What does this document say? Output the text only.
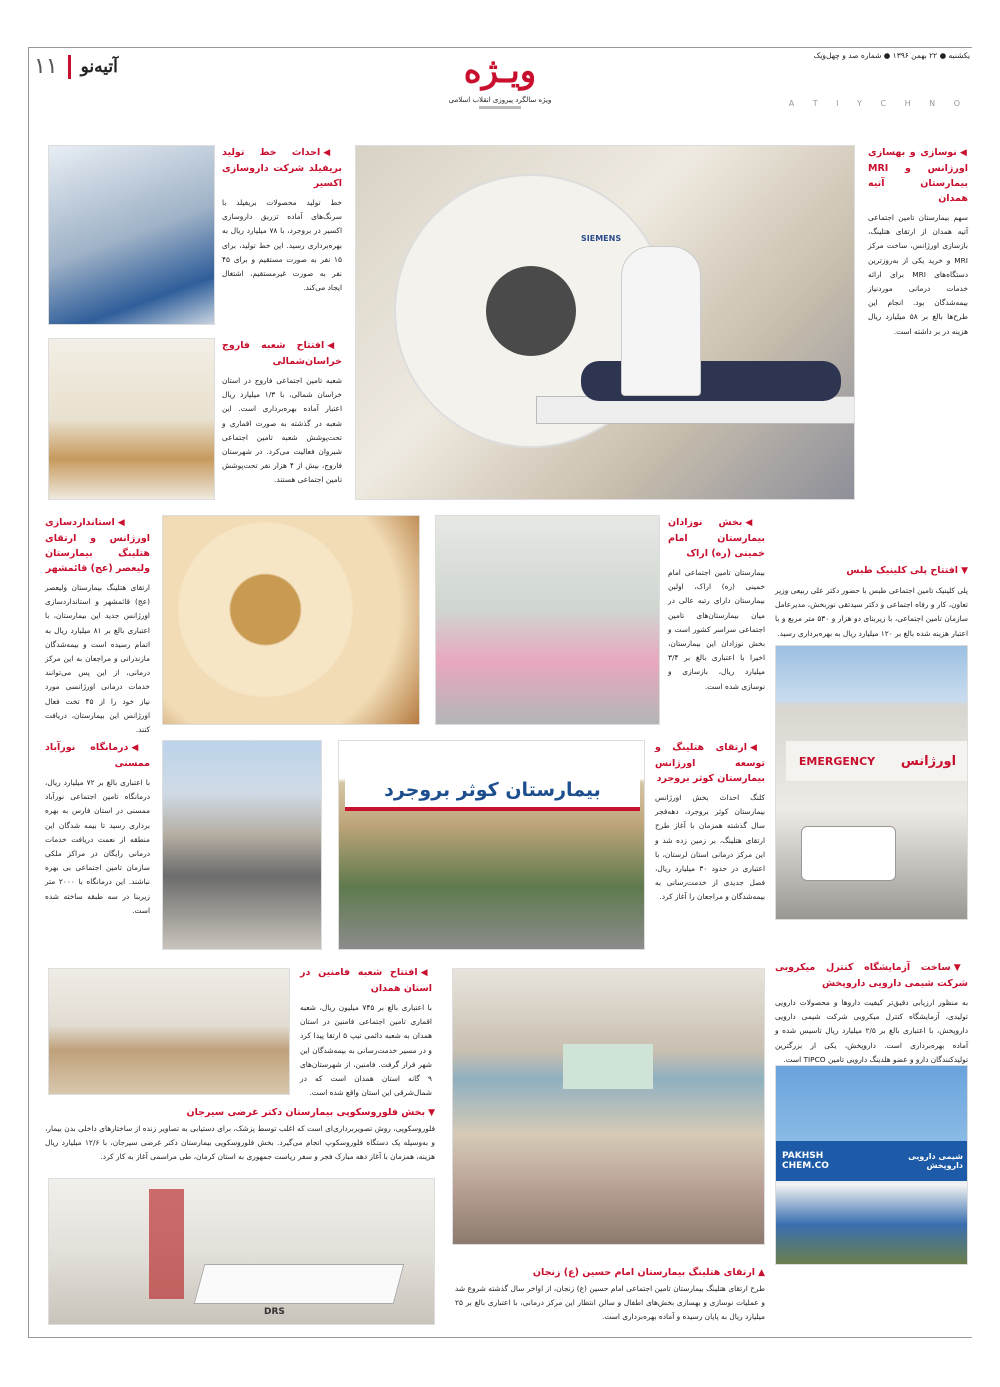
یکشنبه ● ۲۲ بهمن ۱۳۹۶ ● شماره صد و چهل‌ویک
۱۱ آتیه‌نو	ویـژه
ویژه سالگرد پیروزی انقلاب اسلامی	A T I Y C H N O
SIEMENS
EMERGENCY اورژانس
بیمارستان کوثر بروجرد
PAKHSH CHEM.CO
شیمی دارویی داروپخش
DRS
◀نوسازی و بهسازی اورژانس و MRI بیمارستان آتیه همدان
سهم بیمارستان تامین اجتماعی آتیه همدان از ارتقای هتلینگ، بازسازی اورژانس، ساخت مرکز MRI و خرید یکی از به‌روزترین دستگاه‌های MRI برای ارائه خدمات درمانی موردنیاز بیمه‌شدگان بود. انجام این طرح‌ها بالغ بر ۵۸ میلیارد ریال هزینه در بر داشته است.
◀احداث خط تولید بریفیلد شرکت داروسازی اکسیر
خط تولید محصولات بریفیلد با سرنگ‌های آماده تزریق داروسازی اکسیر در بروجرد، با ۷۸ میلیارد ریال به بهره‌برداری رسید. این خط تولید، برای ۱۵ نفر به صورت مستقیم و برای ۴۵ نفر به صورت غیرمستقیم، اشتغال ایجاد می‌کند.
◀افتتاح شعبه فاروج خراسان‌شمالی
شعبه تامین اجتماعی فاروج در استان خراسان شمالی، با ۱/۳ میلیارد ریال اعتبار آماده بهره‌برداری است. این شعبه در گذشته به صورت اقماری و تحت‌پوشش شعبه تامین اجتماعی شیروان فعالیت می‌کرد. در شهرستان فاروج، بیش از ۴ هزار نفر تحت‌پوشش تامین اجتماعی هستند.
◀استانداردسازی اورژانس و ارتقای هتلینگ بیمارستان ولیعصر (عج) قائمشهر
ارتقای هتلینگ بیمارستان ولیعصر (عج) قائمشهر و استانداردسازی اورژانس جدید این بیمارستان، با اعتباری بالغ بر ۸۱ میلیارد ریال به اتمام رسیده است و بیمه‌شدگان مازندرانی و مراجعان به این مرکز درمانی، از این پس می‌توانند خدمات درمانی اورژانسی مورد نیاز خود را از ۴۵ تخت فعال اورژانس این بیمارستان، دریافت کنند.
◀بخش نوزادان بیمارستان امام خمینی (ره) اراک
بیمارستان تامین اجتماعی امام خمینی (ره) اراک، اولین بیمارستان دارای رتبه عالی در میان بیمارستان‌های تامین اجتماعی سراسر کشور است و بخش نوزادان این بیمارستان، اخیرا با اعتباری بالغ بر ۳/۴ میلیارد ریال، بازسازی و نوسازی شده است.
▼افتتاح پلی کلینیک طبس
پلی کلینیک تامین اجتماعی طبس با حضور دکتر علی ربیعی وزیر تعاون، کار و رفاه اجتماعی و دکتر سیدتقی نوربخش، مدیرعامل سازمان تامین اجتماعی، با زیربنای دو هزار و ۵۳۰ متر مربع و با اعتبار هزینه شده بالغ بر ۱۲۰ میلیارد ریال به بهره‌برداری رسید.
◀درمانگاه نورآباد ممسنی
با اعتباری بالغ بر ۷۲ میلیارد ریال، درمانگاه تامین اجتماعی نورآباد ممسنی در استان فارس به بهره برداری رسید تا بیمه شدگان این منطقه از نعمت دریافت خدمات درمانی رایگان در مراکز ملکی سازمان تامین اجتماعی بی بهره نباشند. این درمانگاه با ۲۰۰۰ متر زیربنا در سه طبقه ساخته شده است.
◀ارتقای هتلینگ و توسعه اورژانس بیمارستان کوثر بروجرد
کلنگ احداث بخش اورژانس بیمارستان کوثر بروجرد، دهه‌فجر سال گذشته همزمان با آغاز طرح ارتقای هتلینگ، بر زمین زده شد و این مرکز درمانی استان لرستان، با اعتباری در حدود ۳۰ میلیارد ریال، فصل جدیدی از خدمت‌رسانی به بیمه‌شدگان و مراجعان را آغاز کرد.
▼ساخت آزمایشگاه کنترل میکروبی شرکت شیمی دارویی داروپخش
به منظور ارزیابی دقیق‌تر کیفیت داروها و محصولات دارویی تولیدی، آزمایشگاه کنترل میکروبی شرکت شیمی دارویی داروپخش، با اعتباری بالغ بر ۲/۵ میلیارد ریال تاسیس شده و آماده بهره‌برداری است. داروپخش، یکی از بزرگترین تولیدکنندگان دارو و عضو هلدینگ دارویی تامین TIPCO است.
◀افتتاح شعبه فامنین در استان همدان
با اعتباری بالغ بر ۷۴۵ میلیون ریال، شعبه اقماری تامین اجتماعی فامنین در استان همدان به شعبه دائمی تیپ ۵ ارتقا پیدا کرد و در مسیر خدمت‌رسانی به بیمه‌شدگان این شهر قرار گرفت. فامنین، از شهرستان‌های ۹ گانه استان همدان است که در شمال‌شرقی این استان واقع شده است.
▼بخش فلوروسکوپی بیمارستان دکتر غرضی سیرجان
فلوروسکوپی، روش تصویربرداری‌ای است که اغلب توسط پزشک، برای دستیابی به تصاویر زنده از ساختارهای داخلی بدن بیمار، و به‌وسیله یک دستگاه فلوروسکوپ انجام می‌گیرد. بخش فلوروسکوپی بیمارستان دکتر غرضی سیرجان، با ۱۲/۶ میلیارد ریال هزینه، همزمان با آغاز دهه مبارک فجر و سفر ریاست جمهوری به استان کرمان، طی مراسمی آغاز به کار کرد.
▲ارتقای هتلینگ بیمارستان امام حسین (ع) زنجان
طرح ارتقای هتلینگ بیمارستان تامین اجتماعی امام حسین (ع) زنجان، از اواخر سال گذشته شروع شد و عملیات نوسازی و بهسازی بخش‌های اطفال و سالن انتظار این مرکز درمانی، با اعتباری بالغ بر ۲۵ میلیارد ریال به پایان رسیده و آماده بهره‌برداری است.
